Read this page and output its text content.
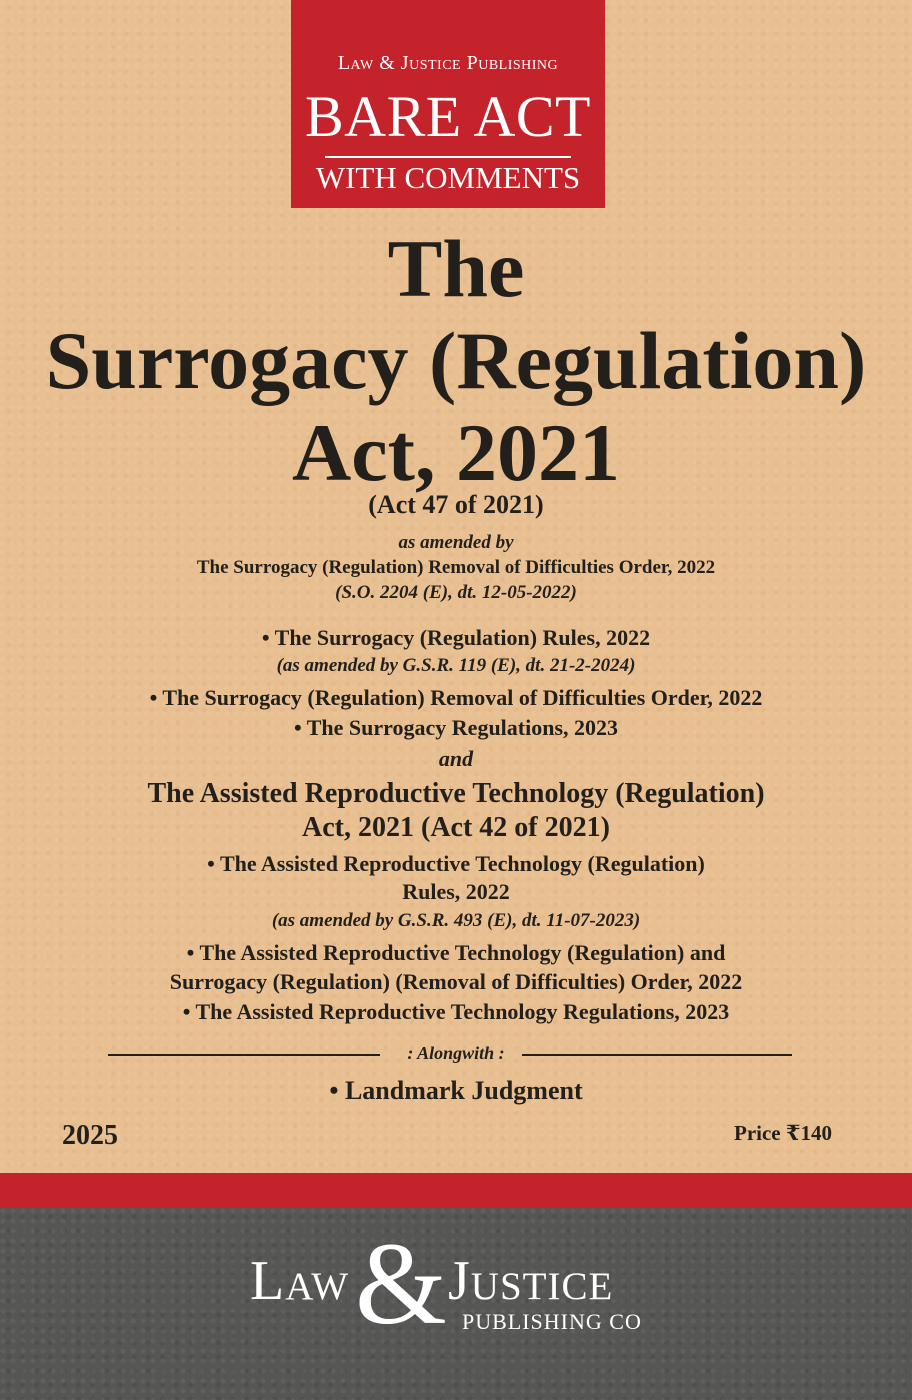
Law & Justice Publishing
BARE ACT
WITH COMMENTS
The
Surrogacy (Regulation)
Act, 2021
(Act 47 of 2021)
as amended by
The Surrogacy (Regulation) Removal of Difficulties Order, 2022
(S.O. 2204 (E), dt. 12-05-2022)
• The Surrogacy (Regulation) Rules, 2022
(as amended by G.S.R. 119 (E), dt. 21-2-2024)
• The Surrogacy (Regulation) Removal of Difficulties Order, 2022
• The Surrogacy Regulations, 2023
and
The Assisted Reproductive Technology (Regulation)
Act, 2021 (Act 42 of 2021)
• The Assisted Reproductive Technology (Regulation)
Rules, 2022
(as amended by G.S.R. 493 (E), dt. 11-07-2023)
• The Assisted Reproductive Technology (Regulation) and
Surrogacy (Regulation) (Removal of Difficulties) Order, 2022
• The Assisted Reproductive Technology Regulations, 2023
: Alongwith :
• Landmark Judgment
2025	Price ₹140
Law & Justice
PUBLISHING CO
